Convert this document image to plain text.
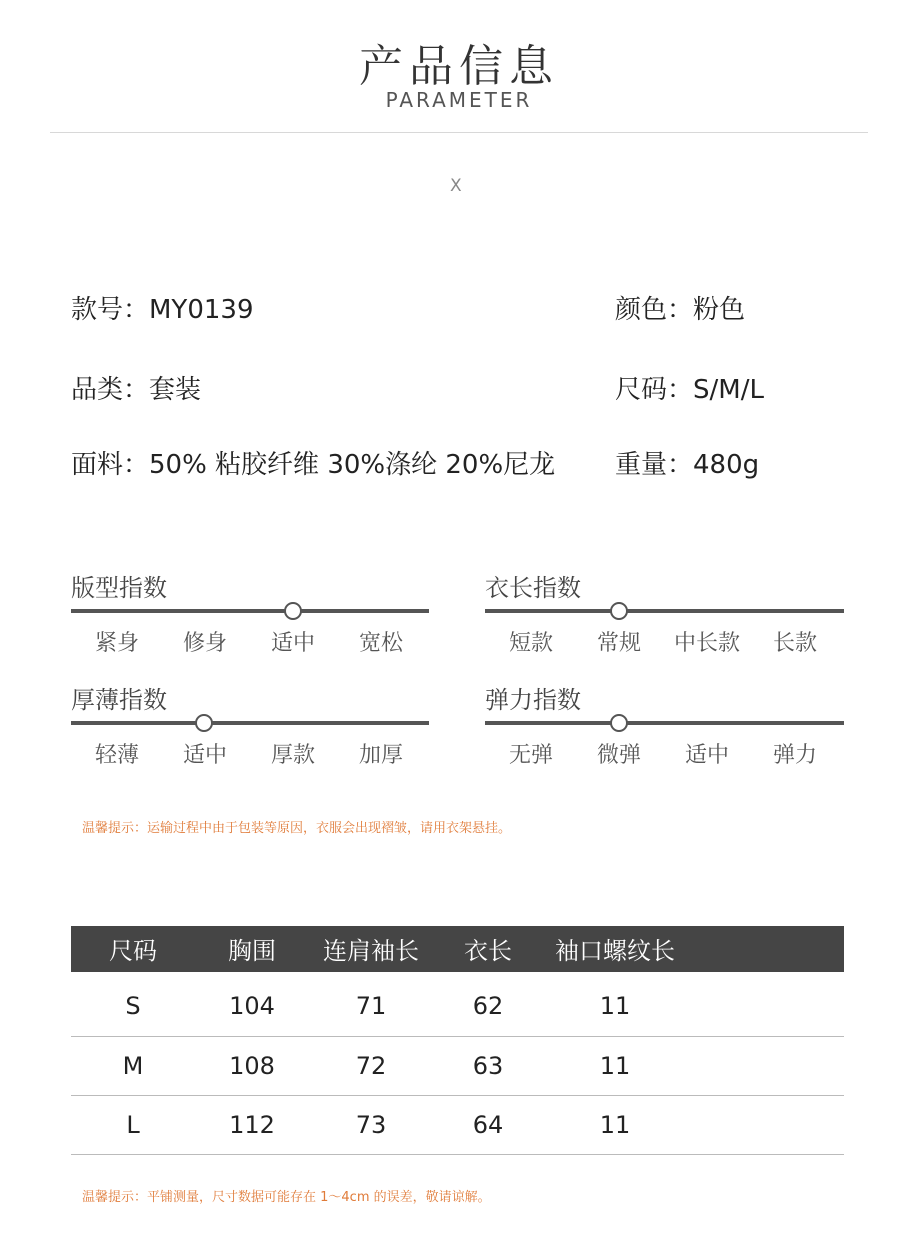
产品信息
PARAMETER
X
款号：MY0139	颜色：粉色
品类：套装	尺码：S/M/L
面料：50% 粘胶纤维 30%涤纶 20%尼龙 重量：480g
版型指数
紧身	修身	适中	宽松
衣长指数
短款	常规	中长款	长款
厚薄指数
轻薄	适中	厚款	加厚
弹力指数
无弹	微弹	适中	弹力
温馨提示：运输过程中由于包装等原因，衣服会出现褶皱，请用衣架悬挂。
尺码	胸围	连肩袖长	衣长	袖口螺纹长
S	104	71	62	11
M	108	72	63	11
L	112	73	64	11
温馨提示：平铺测量，尺寸数据可能存在 1～4cm 的误差，敬请谅解。
